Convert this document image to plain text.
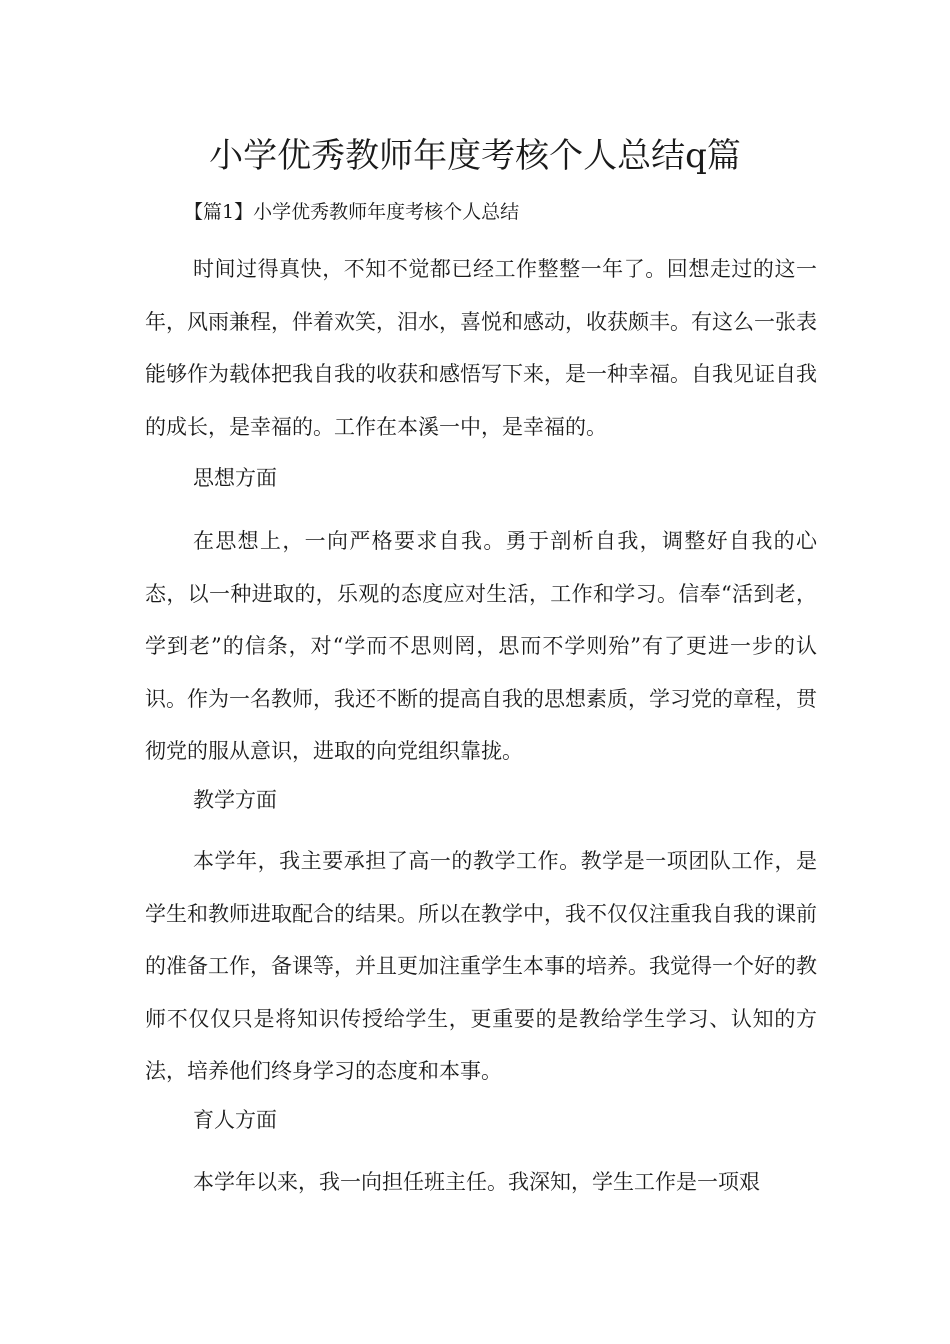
小学优秀教师年度考核个人总结q篇

【篇1】小学优秀教师年度考核个人总结

时间过得真快，不知不觉都已经工作整整一年了。回想走过的这一年，风雨兼程，伴着欢笑，泪水，喜悦和感动，收获颇丰。有这么一张表能够作为载体把我自我的收获和感悟写下来，是一种幸福。自我见证自我的成长，是幸福的。工作在本溪一中，是幸福的。

思想方面

在思想上，一向严格要求自我。勇于剖析自我，调整好自我的心态，以一种进取的，乐观的态度应对生活，工作和学习。信奉“活到老，学到老”的信条，对“学而不思则罔，思而不学则殆”有了更进一步的认识。作为一名教师，我还不断的提高自我的思想素质，学习党的章程，贯彻党的服从意识，进取的向党组织靠拢。

教学方面

本学年，我主要承担了高一的教学工作。教学是一项团队工作，是学生和教师进取配合的结果。所以在教学中，我不仅仅注重我自我的课前的准备工作，备课等，并且更加注重学生本事的培养。我觉得一个好的教师不仅仅只是将知识传授给学生，更重要的是教给学生学习、认知的方法，培养他们终身学习的态度和本事。

育人方面

本学年以来，我一向担任班主任。我深知，学生工作是一项艰
